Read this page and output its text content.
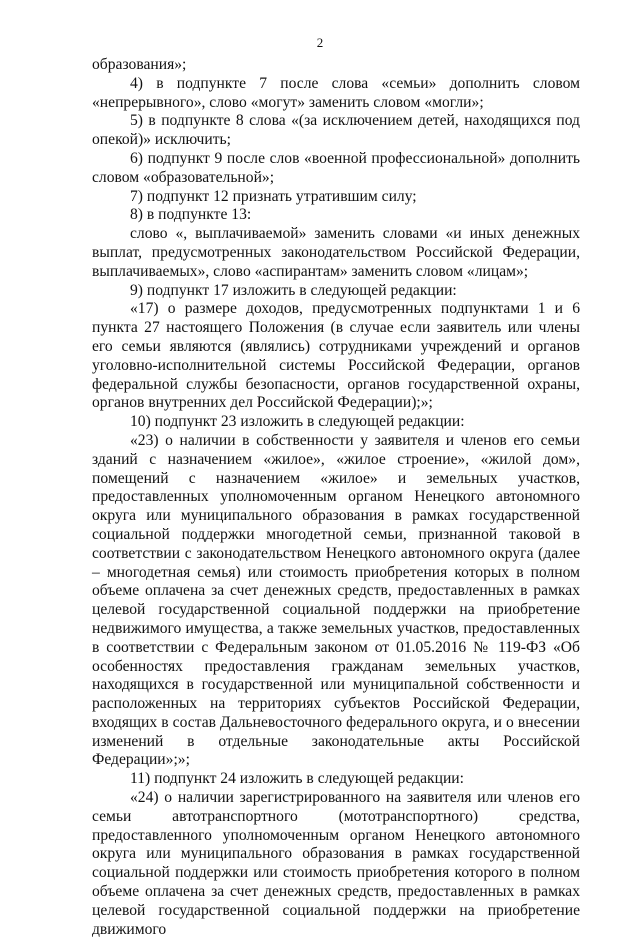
2

образования»;

4) в подпункте 7 после слова «семьи» дополнить словом «непрерывного», слово «могут» заменить словом «могли»;

5) в подпункте 8 слова «(за исключением детей, находящихся под опекой)» исключить;

6) подпункт 9 после слов «военной профессиональной» дополнить словом «образовательной»;

7) подпункт 12 признать утратившим силу;

8) в подпункте 13:

слово «, выплачиваемой» заменить словами «и иных денежных выплат, предусмотренных законодательством Российской Федерации, выплачиваемых», слово «аспирантам» заменить словом «лицам»;

9) подпункт 17 изложить в следующей редакции:

«17) о размере доходов, предусмотренных подпунктами 1 и 6 пункта 27 настоящего Положения (в случае если заявитель или члены его семьи являются (являлись) сотрудниками учреждений и органов уголовно-исполнительной системы Российской Федерации, органов федеральной службы безопасности, органов государственной охраны, органов внутренних дел Российской Федерации);»;

10) подпункт 23 изложить в следующей редакции:

«23) о наличии в собственности у заявителя и членов его семьи зданий с назначением «жилое», «жилое строение», «жилой дом», помещений с назначением «жилое» и земельных участков, предоставленных уполномоченным органом Ненецкого автономного округа или муниципального образования в рамках государственной социальной поддержки многодетной семьи, признанной таковой в соответствии с законодательством Ненецкого автономного округа (далее – многодетная семья) или стоимость приобретения которых в полном объеме оплачена за счет денежных средств, предоставленных в рамках целевой государственной социальной поддержки на приобретение недвижимого имущества, а также земельных участков, предоставленных в соответствии с Федеральным законом от 01.05.2016 № 119-ФЗ «Об особенностях предоставления гражданам земельных участков, находящихся в государственной или муниципальной собственности и расположенных на территориях субъектов Российской Федерации, входящих в состав Дальневосточного федерального округа, и о внесении изменений в отдельные законодательные акты Российской Федерации»;»;

11) подпункт 24 изложить в следующей редакции:

«24) о наличии зарегистрированного на заявителя или членов его семьи автотранспортного (мототранспортного) средства, предоставленного уполномоченным органом Ненецкого автономного округа или муниципального образования в рамках государственной социальной поддержки или стоимость приобретения которого в полном объеме оплачена за счет денежных средств, предоставленных в рамках целевой государственной социальной поддержки на приобретение движимого
